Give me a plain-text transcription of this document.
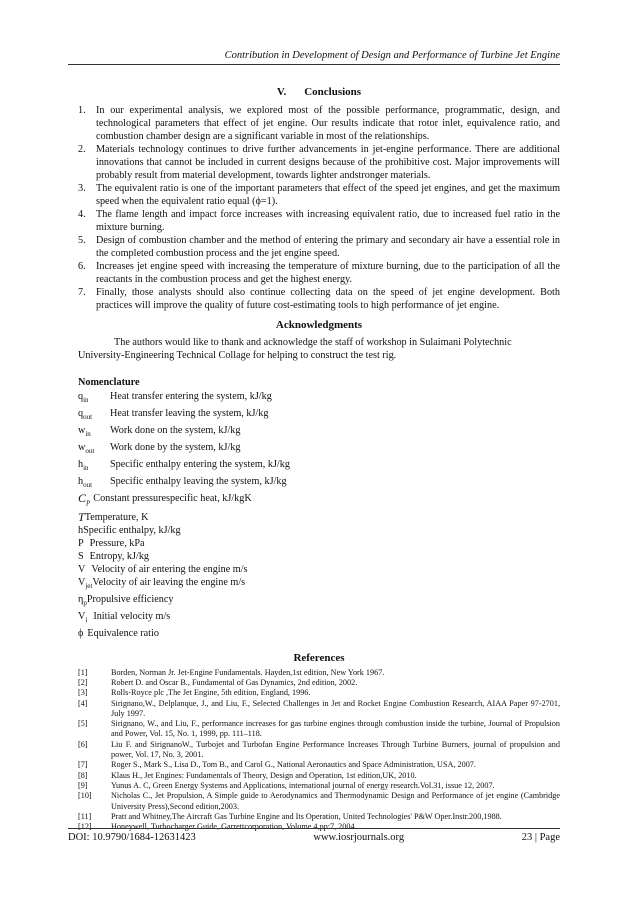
Contribution in Development of Design and Performance of Turbine Jet Engine
V. Conclusions
1. In our experimental analysis, we explored most of the possible performance, programmatic, design, and technological parameters that effect of jet engine. Our results indicate that rotor inlet, equivalence ratio, and combustion chamber design are a significant variable in most of the relationships.
2. Materials technology continues to drive further advancements in jet-engine performance. There are additional innovations that cannot be included in current designs because of the prohibitive cost. Major improvements will probably result from material development, towards lighter andstronger materials.
3. The equivalent ratio is one of the important parameters that effect of the speed jet engines, and get the maximum speed when the equivalent ratio equal (ϕ=1).
4. The flame length and impact force increases with increasing equivalent ratio, due to increased fuel ratio in the mixture burning.
5. Design of combustion chamber and the method of entering the primary and secondary air have a essential role in the completed combustion process and the jet engine speed.
6. Increases jet engine speed with increasing the temperature of mixture burning, due to the participation of all the reactants in the combustion process and get the highest energy.
7. Finally, those analysts should also continue collecting data on the speed of jet engine development. Both practices will improve the quality of future cost-estimating tools to high performance of jet engine.
Acknowledgments

The authors would like to thank and acknowledge the staff of workshop in Sulaimani Polytechnic University-Engineering Technical Collage for helping to construct the test rig.

Nomenclature
$q_{in}$	Heat transfer entering the system, kJ/kg
$q_{out}$	Heat transfer leaving the system, kJ/kg
$w_{in}$	Work done on the system, kJ/kg
$w_{out}$	Work done by the system, kJ/kg
$h_{in}$	Specific enthalpy entering the system, kJ/kg
$h_{out}$	Specific enthalpy leaving the system, kJ/kg
$C_P$ Constant pressurespecific heat, kJ/kgK
T Temperature, K
h Specific enthalpy, kJ/kg
P Pressure, kPa
S Entropy, kJ/kg
V Velocity of air entering the engine m/s
$V_{jet}$ Velocity of air leaving the engine m/s
$\eta_p$ Propulsive efficiency
$V_i$ Initial velocity m/s
ϕ Equivalence ratio
References
[1]	Borden, Norman Jr. Jet-Engine Fundamentals. Hayden,1st edition, New York 1967.
[2]	Robert D. and Oscar B., Fundamental of Gas Dynamics, 2nd edition, 2002.
[3]	Rolls-Royce plc ,The Jet Engine, 5th edition, England, 1996.
[4]	Sirignano,W., Delplanque, J., and Liu, F., Selected Challenges in Jet and Rocket Engine Combustion Research, AIAA Paper 97-2701, July 1997.
[5]	Sirignano, W., and Liu, F., performance increases for gas turbine engines through combustion inside the turbine, Journal of Propulsion and Power, Vol. 15, No. 1, 1999, pp. 111–118.
[6]	Liu F. and SirignanoW., Turbojet and Turbofan Engine Performance Increases Through Turbine Burners, journal of propulsion and power, Vol. 17, No. 3, 2001.
[7]	Roger S., Mark S., Lisa D., Tom B., and Carol G., National Aeronautics and Space Administration, USA, 2007.
[8]	Klaus H., Jet Engines: Fundamentals of Theory, Design and Operation, 1st edition,UK, 2010.
[9]	Yunus A. C, Green Energy Systems and Applications, international journal of energy research.Vol.31, issue 12, 2007.
[10]	Nicholas C., Jet Propulsion, A Simple guide to Aerodynamics and Thermodynamic Design and Performance of jet engine (Cambridge University Press),Second edition,2003.
[11]	Pratt and Whitney,The Aircraft Gas Turbine Engine and Its Operation, United Technologies' P&W Oper.Instr.200,1988.
[12]	Honeywell, Turbocharger Guide, Garrettcorporation, Volume 4,pp:7, 2004.
DOI: 10.9790/1684-12631423	www.iosrjournals.org	23 | Page
